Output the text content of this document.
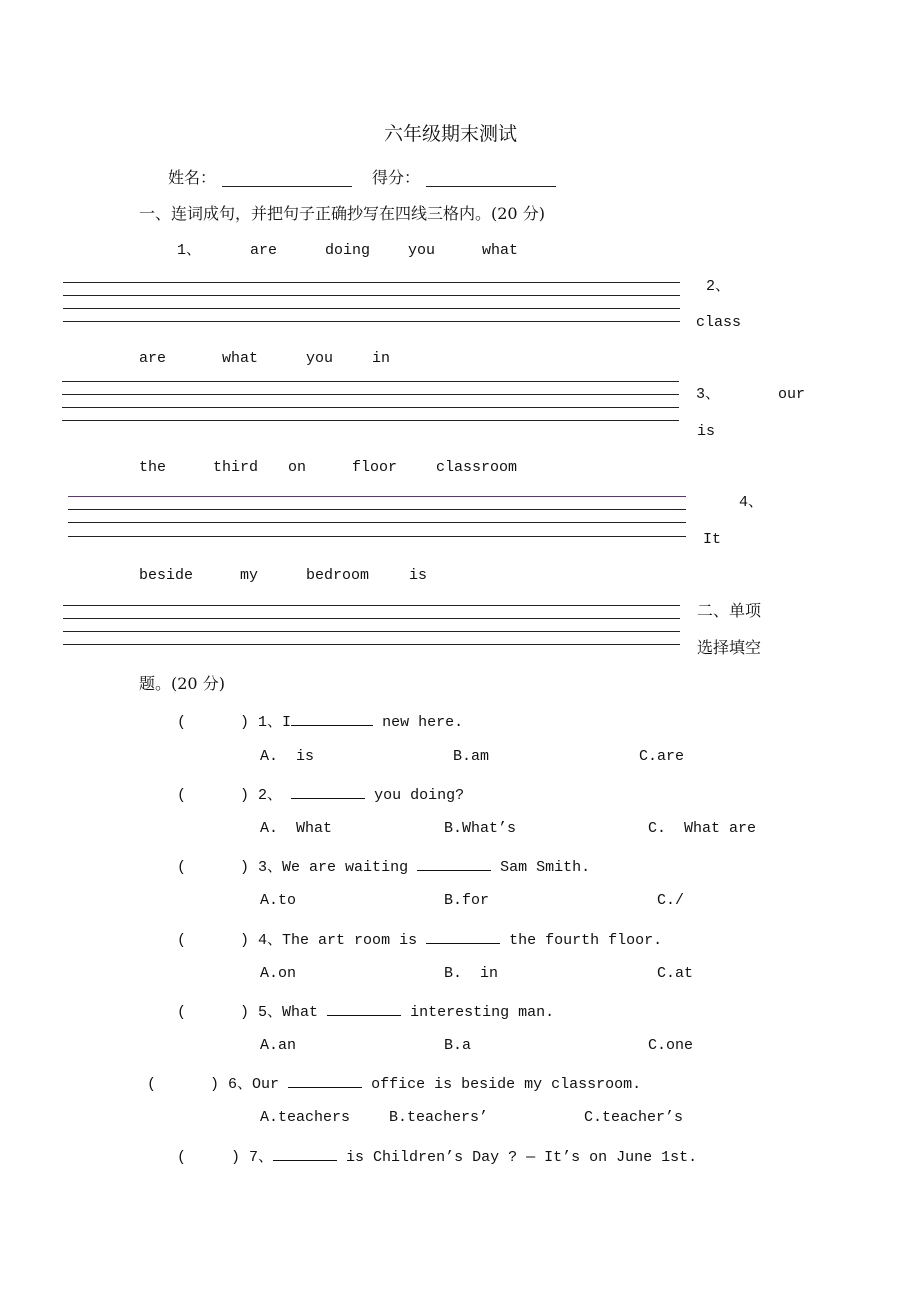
六年级期末测试
姓名：	得分：
一、连词成句，并把句子正确抄写在四线三格内。(20 分)
1、	are	doing	you	what
2、
class
are	what	you	in
3、	our
is
the	third on	floor	classroom
4、
It
beside	my	bedroom	is
二、单项
选择填空
题。(20 分)
(      ) 1、I	new here.
A.  is	B.am	C.are
(      ) 2、	you doing?
A.  What	B.What’s	C.  What are
(      ) 3、We are waiting	Sam Smith.
A.to	B.for	C./
(      ) 4、The art room is	the fourth floor.
A.on	B.  in	C.at
(      ) 5、What	interesting man.
A.an	B.a	C.one
(      ) 6、Our	office is beside my classroom.
A.teachers	B.teachers’	C.teacher’s
(     ) 7、	is Children’s Day ? — It’s on June 1st.
